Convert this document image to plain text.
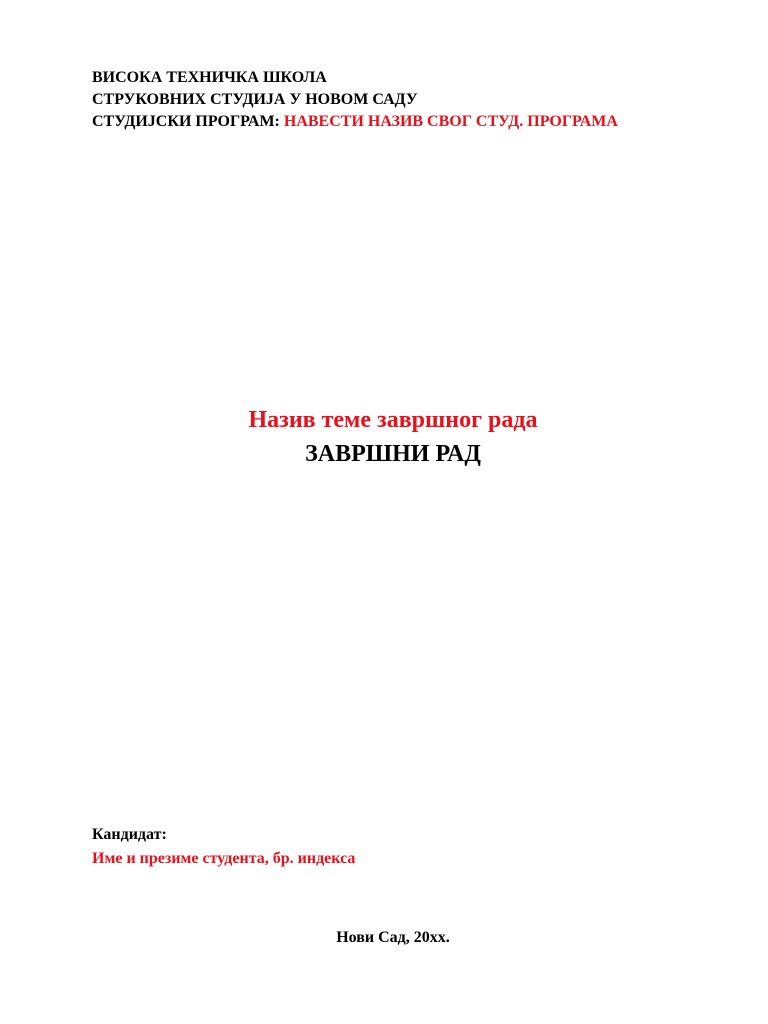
ВИСОКА ТЕХНИЧКА ШКОЛА
СТРУКОВНИХ СТУДИЈА У НОВОМ САДУ
СТУДИЈСКИ ПРОГРАМ: НАВЕСТИ НАЗИВ СВОГ СТУД. ПРОГРАМА
Назив теме завршног рада
ЗАВРШНИ РАД
Кандидат:
Име и презиме студента, бр. индекса
Нови Сад, 20хх.
